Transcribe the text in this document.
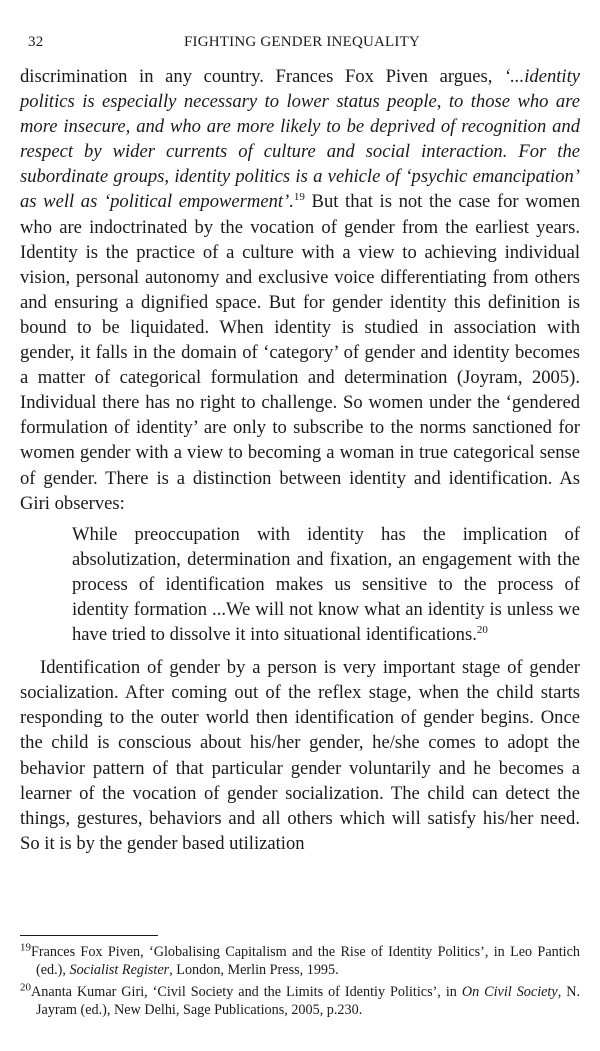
32	FIGHTING GENDER INEQUALITY

discrimination in any country. Frances Fox Piven argues, ‘...identity politics is especially necessary to lower status people, to those who are more insecure, and who are more likely to be deprived of recognition and respect by wider currents of culture and social interaction. For the subordinate groups, identity politics is a vehicle of ‘psychic emancipation’ as well as ‘political empowerment’.$^{19}$ But that is not the case for women who are indoctrinated by the vocation of gender from the earliest years. Identity is the practice of a culture with a view to achieving individual vision, personal autonomy and exclusive voice differentiating from others and ensuring a dignified space. But for gender identity this definition is bound to be liquidated. When identity is studied in association with gender, it falls in the domain of ‘category’ of gender and identity becomes a matter of categorical formulation and determination (Joyram, 2005). Individual there has no right to challenge. So women under the ‘gendered formulation of identity’ are only to subscribe to the norms sanctioned for women gender with a view to becoming a woman in true categorical sense of gender. There is a distinction between identity and identification. As Giri observes:

While preoccupation with identity has the implication of absolutization, determination and fixation, an engagement with the process of identification makes us sensitive to the process of identity formation ...We will not know what an identity is unless we have tried to dissolve it into situational identifications.$^{20}$

Identification of gender by a person is very important stage of gender socialization. After coming out of the reflex stage, when the child starts responding to the outer world then identification of gender begins. Once the child is conscious about his/her gender, he/she comes to adopt the behavior pattern of that particular gender voluntarily and he becomes a learner of the vocation of gender socialization. The child can detect the things, gestures, behaviors and all others which will satisfy his/her need. So it is by the gender based utilization

$^{19}$Frances Fox Piven, ‘Globalising Capitalism and the Rise of Identity Politics’, in Leo Pantich (ed.), Socialist Register, London, Merlin Press, 1995.

$^{20}$Ananta Kumar Giri, ‘Civil Society and the Limits of Identiy Politics’, in On Civil Society, N. Jayram (ed.), New Delhi, Sage Publications, 2005, p.230.
